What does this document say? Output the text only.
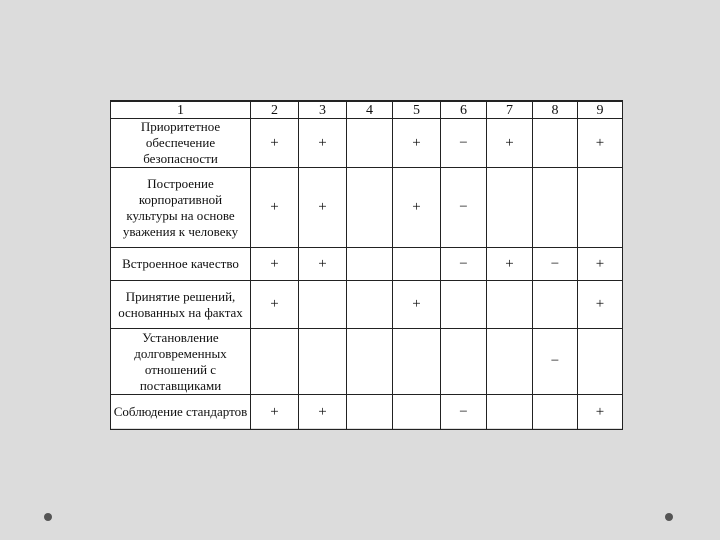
1	2	3	4	5	6	7	8	9
Приоритетное обеспечение безопасности	+	+		+	−	+		+
Построение корпоративной культуры на основе уважения к человеку	+	+		+	−			
Встроенное качество	+	+			−	+	−	+
Принятие решений, основанных на фактах	+			+				+
Установление долговременных отношений с поставщиками							−	
Соблюдение стандартов	+	+			−			+
